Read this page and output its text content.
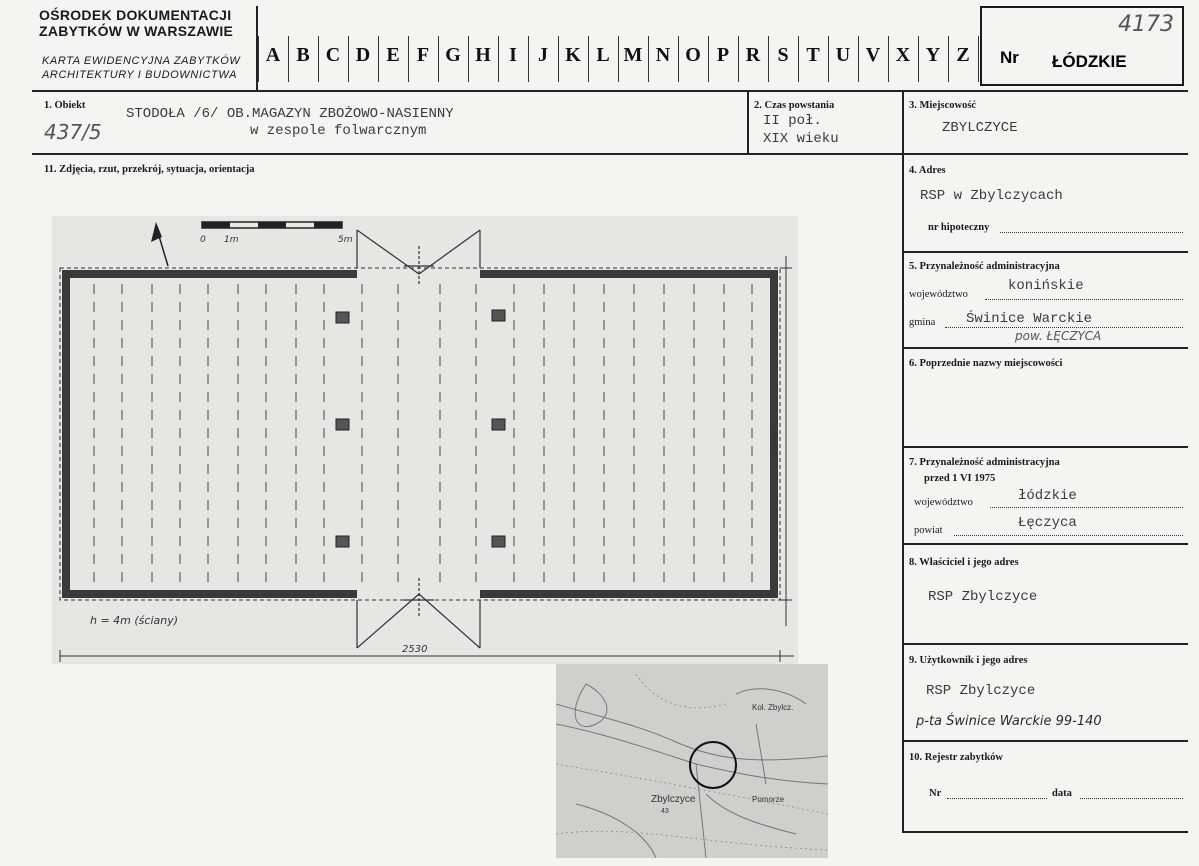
OŚRODEK DOKUMENTACJI
ZABYTKÓW W WARSZAWIE
KARTA EWIDENCYJNA ZABYTKÓW
ARCHITEKTURY I BUDOWNICTWA
A B C D E F G H I	J K L M N O P R S T U V X Y Z	Nr ŁÓDZKIE
4173
1. Obiekt
437/5
STODOŁA /6/ OB.MAGAZYN ZBOŻOWO-NASIENNY
w zespole folwarcznym
2. Czas powstania
II poł.
XIX wieku
3. Miejscowość
ZBYLCZYCE
11. Zdjęcia, rzut, przekrój, sytuacja, orientacja
0 1m	5m
1140
2530
h = 4m (ściany)
Zbylczyce
43
Kol. Zbylcz.
Pomorze
4. Adres
RSP w Zbylczycach
nr hipoteczny
5. Przynależność administracyjna
województwo
konińskie
gmina Świnice Warckie
pow. ŁĘCZYCA
6. Poprzednie nazwy miejscowości
7. Przynależność administracyjna
przed 1 VI 1975
województwo	łódzkie
powiat	Łęczyca
8. Właściciel i jego adres
RSP Zbylczyce
9. Użytkownik i jego adres
RSP Zbylczyce
p-ta Świnice Warckie 99-140
10. Rejestr zabytków
Nr	data
